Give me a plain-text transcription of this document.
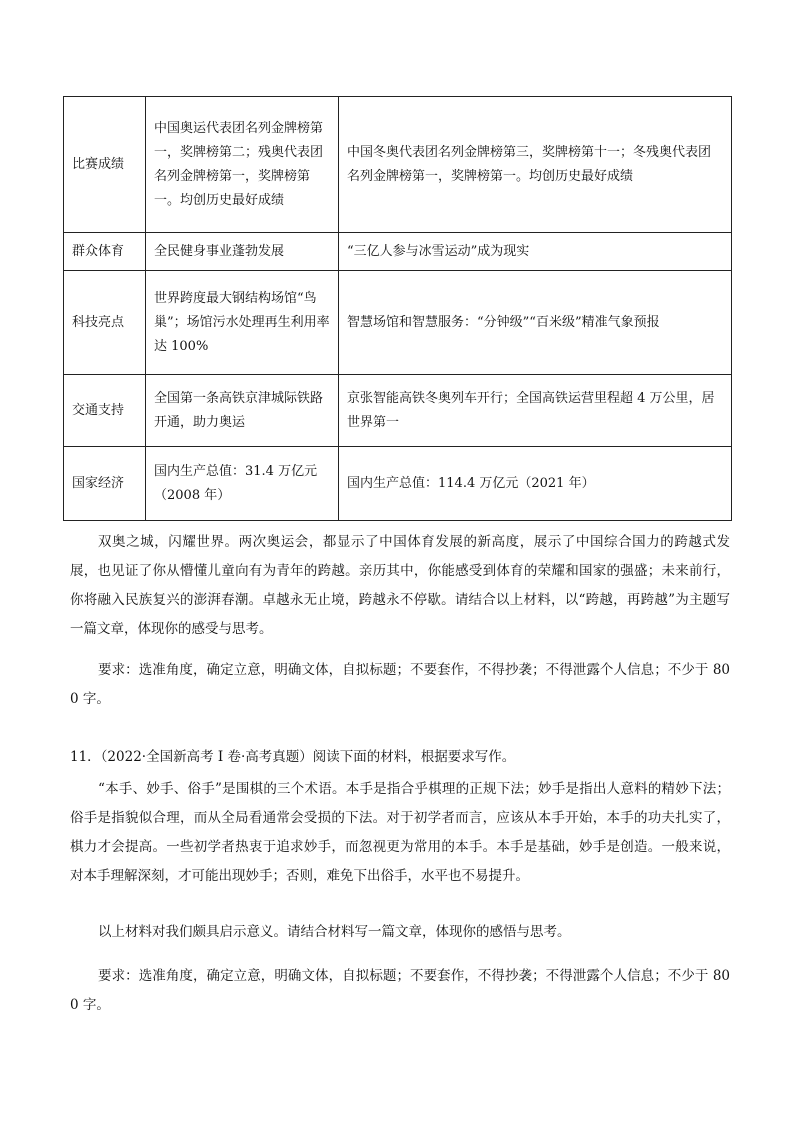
比赛成绩	中国奥运代表团名列金牌榜第一，奖牌榜第二；残奥代表团名列金牌榜第一，奖牌榜第一。均创历史最好成绩	中国冬奥代表团名列金牌榜第三，奖牌榜第十一；冬残奥代表团名列金牌榜第一，奖牌榜第一。均创历史最好成绩
群众体育	全民健身事业蓬勃发展	“三亿人参与冰雪运动”成为现实
科技亮点	世界跨度最大钢结构场馆“鸟巢”；场馆污水处理再生利用率达 100%	智慧场馆和智慧服务：“分钟级”“百米级”精准气象预报
交通支持	全国第一条高铁京津城际铁路开通，助力奥运	京张智能高铁冬奥列车开行；全国高铁运营里程超 4 万公里，居世界第一
国家经济	国内生产总值：31.4 万亿元（2008 年）	国内生产总值：114.4 万亿元（2021 年）

双奥之城，闪耀世界。两次奥运会，都显示了中国体育发展的新高度，展示了中国综合国力的跨越式发展，也见证了你从懵懂儿童向有为青年的跨越。亲历其中，你能感受到体育的荣耀和国家的强盛；未来前行，你将融入民族复兴的澎湃春潮。卓越永无止境，跨越永不停歇。请结合以上材料，以“跨越，再跨越”为主题写一篇文章，体现你的感受与思考。

要求：选准角度，确定立意，明确文体，自拟标题；不要套作，不得抄袭；不得泄露个人信息；不少于 800 字。

11．（2022·全国新高考 I 卷·高考真题）阅读下面的材料，根据要求写作。

“本手、妙手、俗手”是围棋的三个术语。本手是指合乎棋理的正规下法；妙手是指出人意料的精妙下法；俗手是指貌似合理，而从全局看通常会受损的下法。对于初学者而言，应该从本手开始，本手的功夫扎实了，棋力才会提高。一些初学者热衷于追求妙手，而忽视更为常用的本手。本手是基础，妙手是创造。一般来说，对本手理解深刻，才可能出现妙手；否则，难免下出俗手，水平也不易提升。

以上材料对我们颇具启示意义。请结合材料写一篇文章，体现你的感悟与思考。

要求：选准角度，确定立意，明确文体，自拟标题；不要套作，不得抄袭；不得泄露个人信息；不少于 800 字。
